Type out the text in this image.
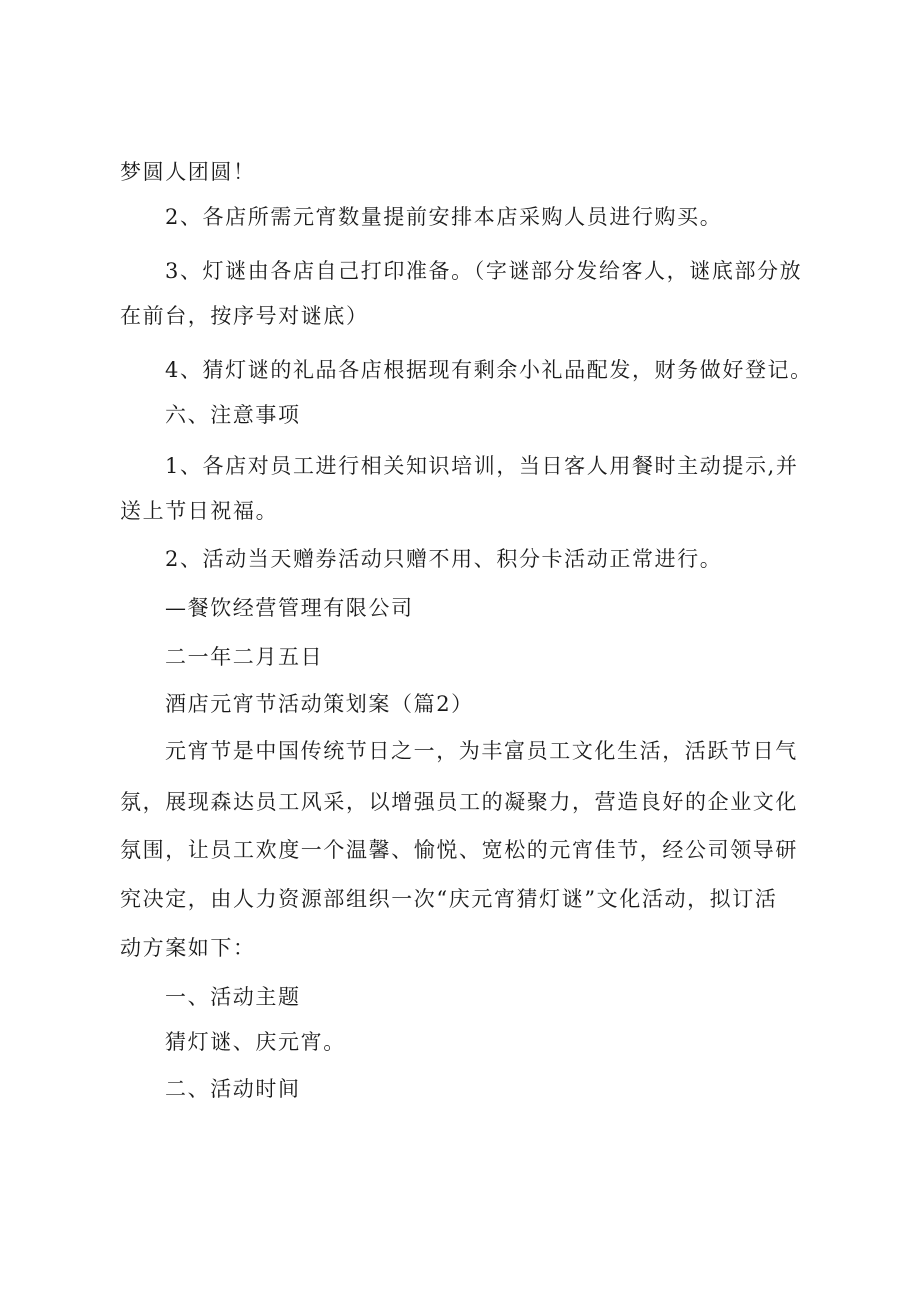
梦圆人团圆！
2、各店所需元宵数量提前安排本店采购人员进行购买。
3、灯谜由各店自己打印准备。（字谜部分发给客人，谜底部分放
在前台，按序号对谜底）
4、猜灯谜的礼品各店根据现有剩余小礼品配发，财务做好登记。
六、注意事项
1、各店对员工进行相关知识培训，当日客人用餐时主动提示,并
送上节日祝福。
2、活动当天赠券活动只赠不用、积分卡活动正常进行。
—餐饮经营管理有限公司
二一年二月五日
酒店元宵节活动策划案（篇2）
元宵节是中国传统节日之一，为丰富员工文化生活，活跃节日气
氛，展现森达员工风采，以增强员工的凝聚力，营造良好的企业文化
氛围，让员工欢度一个温馨、愉悦、宽松的元宵佳节，经公司领导研
究决定，由人力资源部组织一次“庆元宵猜灯谜”文化活动，拟订活
动方案如下：
一、活动主题
猜灯谜、庆元宵。
二、活动时间
